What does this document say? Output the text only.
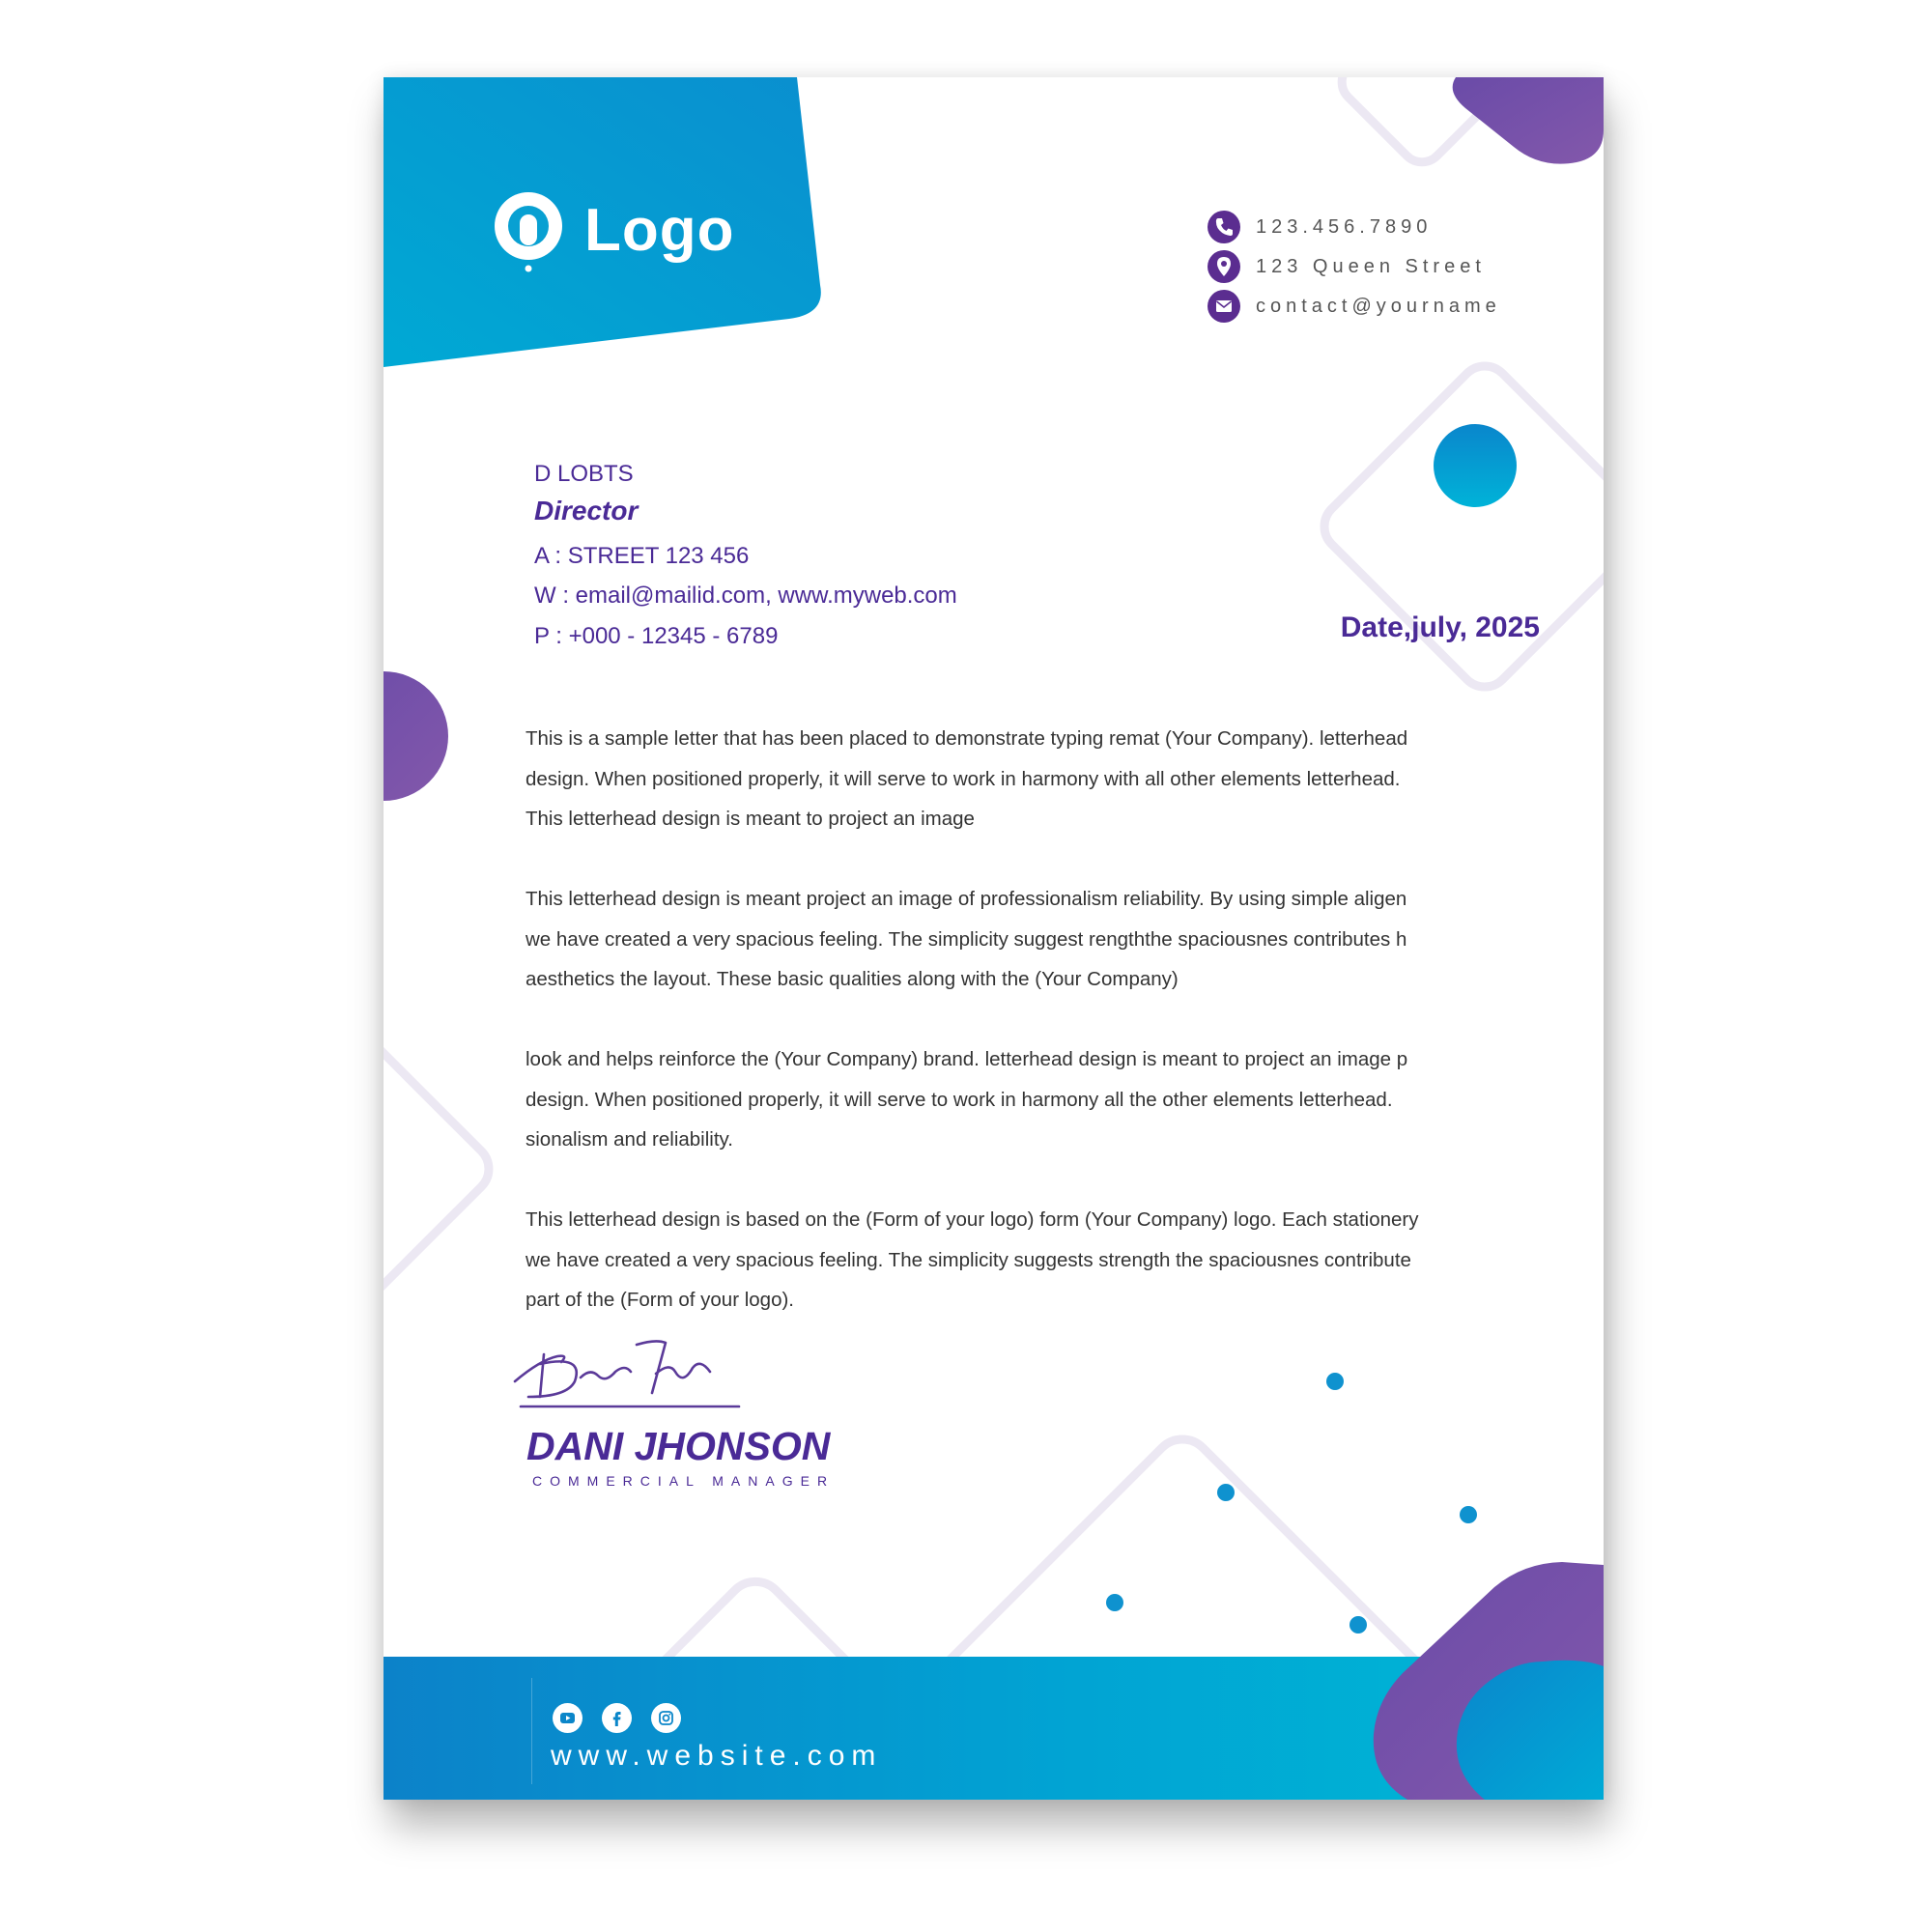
Logo	123.456.7890
123 Queen Street
contact@yourname
D LOBTS
Director
A : STREET 123 456
W : email@mailid.com, www.myweb.com
P : +000 - 12345 - 6789	Date,july, 2025

This is a sample letter that has been placed to demonstrate typing remat (Your Company). letterhead
design. When positioned properly, it will serve to work in harmony with all other elements letterhead.
This letterhead design is meant to project an image

This letterhead design is meant project an image of professionalism reliability. By using simple aligen
we have created a very spacious feeling. The simplicity suggest rengththe spaciousnes contributes h
aesthetics the layout. These basic qualities along with the (Your Company)

look and helps reinforce the (Your Company) brand. letterhead design is meant to project an image p
design. When positioned properly, it will serve to work in harmony all the other elements letterhead.
sionalism and reliability.

This letterhead design is based on the (Form of your logo) form (Your Company) logo. Each stationery
we have created a very spacious feeling. The simplicity suggests strength the spaciousnes contribute
part of the (Form of your logo).

DANI JHONSON
COMMERCIAL MANAGER
www.website.com
